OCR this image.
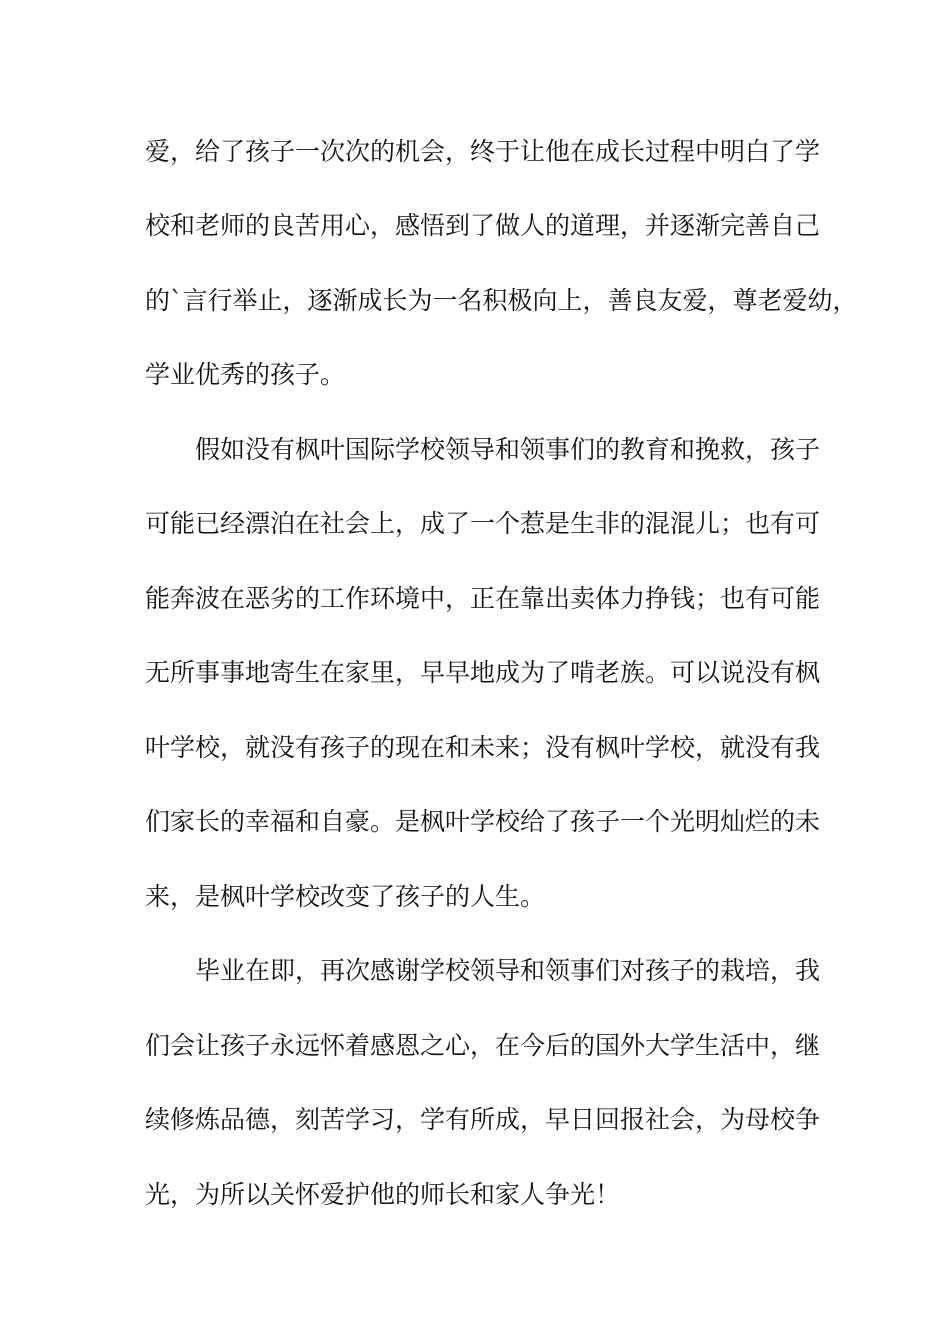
爱，给了孩子一次次的机会，终于让他在成长过程中明白了学
校和老师的良苦用心，感悟到了做人的道理，并逐渐完善自己
的`言行举止，逐渐成长为一名积极向上，善良友爱，尊老爱幼，
学业优秀的孩子。
假如没有枫叶国际学校领导和领事们的教育和挽救，孩子
可能已经漂泊在社会上，成了一个惹是生非的混混儿；也有可
能奔波在恶劣的工作环境中，正在靠出卖体力挣钱；也有可能
无所事事地寄生在家里，早早地成为了啃老族。可以说没有枫
叶学校，就没有孩子的现在和未来；没有枫叶学校，就没有我
们家长的幸福和自豪。是枫叶学校给了孩子一个光明灿烂的未
来，是枫叶学校改变了孩子的人生。
毕业在即，再次感谢学校领导和领事们对孩子的栽培，我
们会让孩子永远怀着感恩之心，在今后的国外大学生活中，继
续修炼品德，刻苦学习，学有所成，早日回报社会，为母校争
光，为所以关怀爱护他的师长和家人争光！
